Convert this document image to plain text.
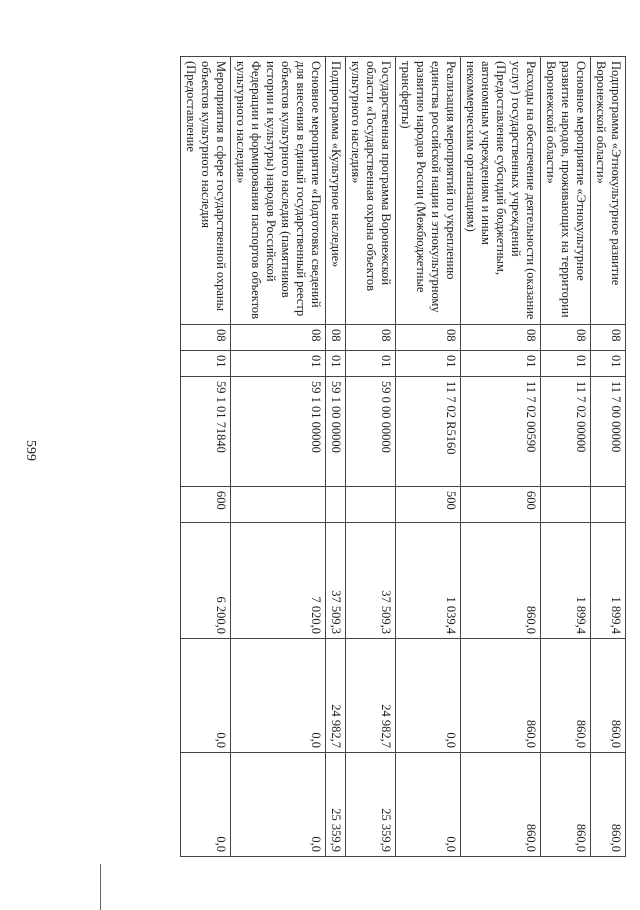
599
Подпрограмма «Этнокультурное развитие Воронежской области»	08	01	11 7 00 00000		1 899,4	860,0	860,0
Основное мероприятие «Этнокультурное развитие народов, проживающих на территории Воронежской области»	08	01	11 7 02 00000		1 899,4	860,0	860,0
Расходы на обеспечение деятельности (оказание услуг) государственных учреждений (Предоставление субсидий бюджетным, автономным учреждениям и иным некоммерческим организациям)	08	01	11 7 02 00590	600	860,0	860,0	860,0
Реализация мероприятий по укреплению единства российской нации и этнокультурному развитию народов России (Межбюджетные трансферты)	08	01	11 7 02 R5160	500	1 039,4	0,0	0,0
Государственная программа Воронежской области «Государственная охрана объектов культурного наследия»	08	01	59 0 00 00000		37 509,3	24 982,7	25 359,9
Подпрограмма «Культурное наследие»	08	01	59 1 00 00000		37 509,3	24 982,7	25 359,9
Основное мероприятие «Подготовка сведений для внесения в единый государственный реестр объектов культурного наследия (памятников истории и культуры) народов Российской Федерации и формирования паспортов объектов культурного наследия»	08	01	59 1 01 00000		7 020,0	0,0	0,0
Мероприятия в сфере государственной охраны объектов культурного наследия (Предоставление	08	01	59 1 01 71840	600	6 200,0	0,0	0,0
